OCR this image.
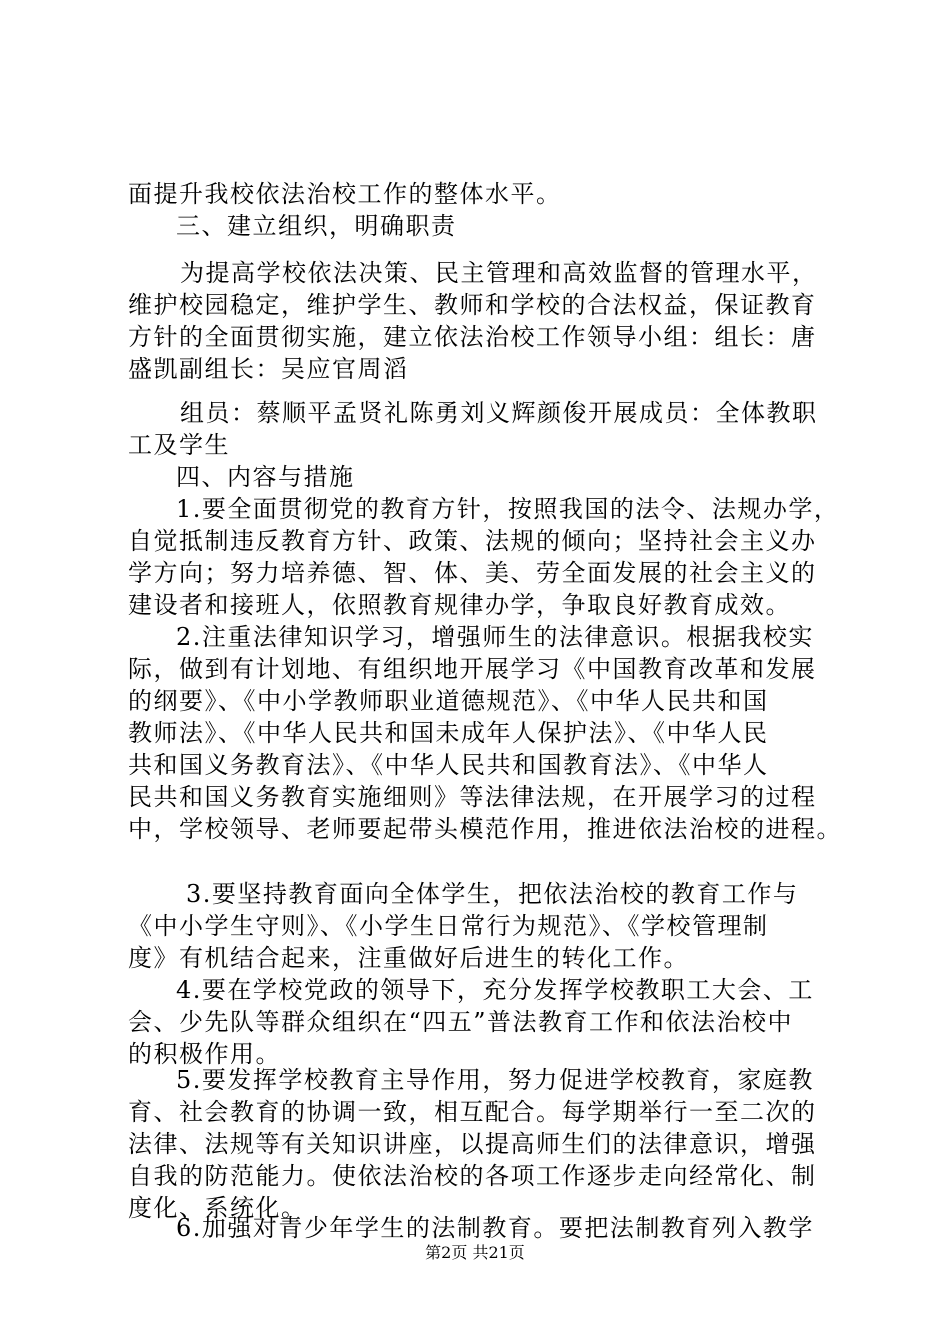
面提升我校依法治校工作的整体水平。
三、建立组织，明确职责
为提高学校依法决策、民主管理和高效监督的管理水平，
维护校园稳定，维护学生、教师和学校的合法权益，保证教育
方针的全面贯彻实施，建立依法治校工作领导小组：组长：唐
盛凯副组长：吴应官周滔
组员：蔡顺平孟贤礼陈勇刘义辉颜俊开展成员：全体教职
工及学生
四、内容与措施
1.要全面贯彻党的教育方针，按照我国的法令、法规办学，
自觉抵制违反教育方针、政策、法规的倾向；坚持社会主义办
学方向；努力培养德、智、体、美、劳全面发展的社会主义的
建设者和接班人，依照教育规律办学，争取良好教育成效。
2.注重法律知识学习，增强师生的法律意识。根据我校实
际，做到有计划地、有组织地开展学习《中国教育改革和发展
的纲要》、《中小学教师职业道德规范》、《中华人民共和国
教师法》、《中华人民共和国未成年人保护法》、《中华人民
共和国义务教育法》、《中华人民共和国教育法》、《中华人
民共和国义务教育实施细则》等法律法规，在开展学习的过程
中，学校领导、老师要起带头模范作用，推进依法治校的进程。
3.要坚持教育面向全体学生，把依法治校的教育工作与
《中小学生守则》、《小学生日常行为规范》、《学校管理制
度》有机结合起来，注重做好后进生的转化工作。
4.要在学校党政的领导下，充分发挥学校教职工大会、工
会、少先队等群众组织在“四五”普法教育工作和依法治校中
的积极作用。
5.要发挥学校教育主导作用，努力促进学校教育，家庭教
育、社会教育的协调一致，相互配合。每学期举行一至二次的
法律、法规等有关知识讲座，以提高师生们的法律意识，增强
自我的防范能力。使依法治校的各项工作逐步走向经常化、制
度化、系统化。
6.加强对青少年学生的法制教育。要把法制教育列入教学
第2页 共21页
